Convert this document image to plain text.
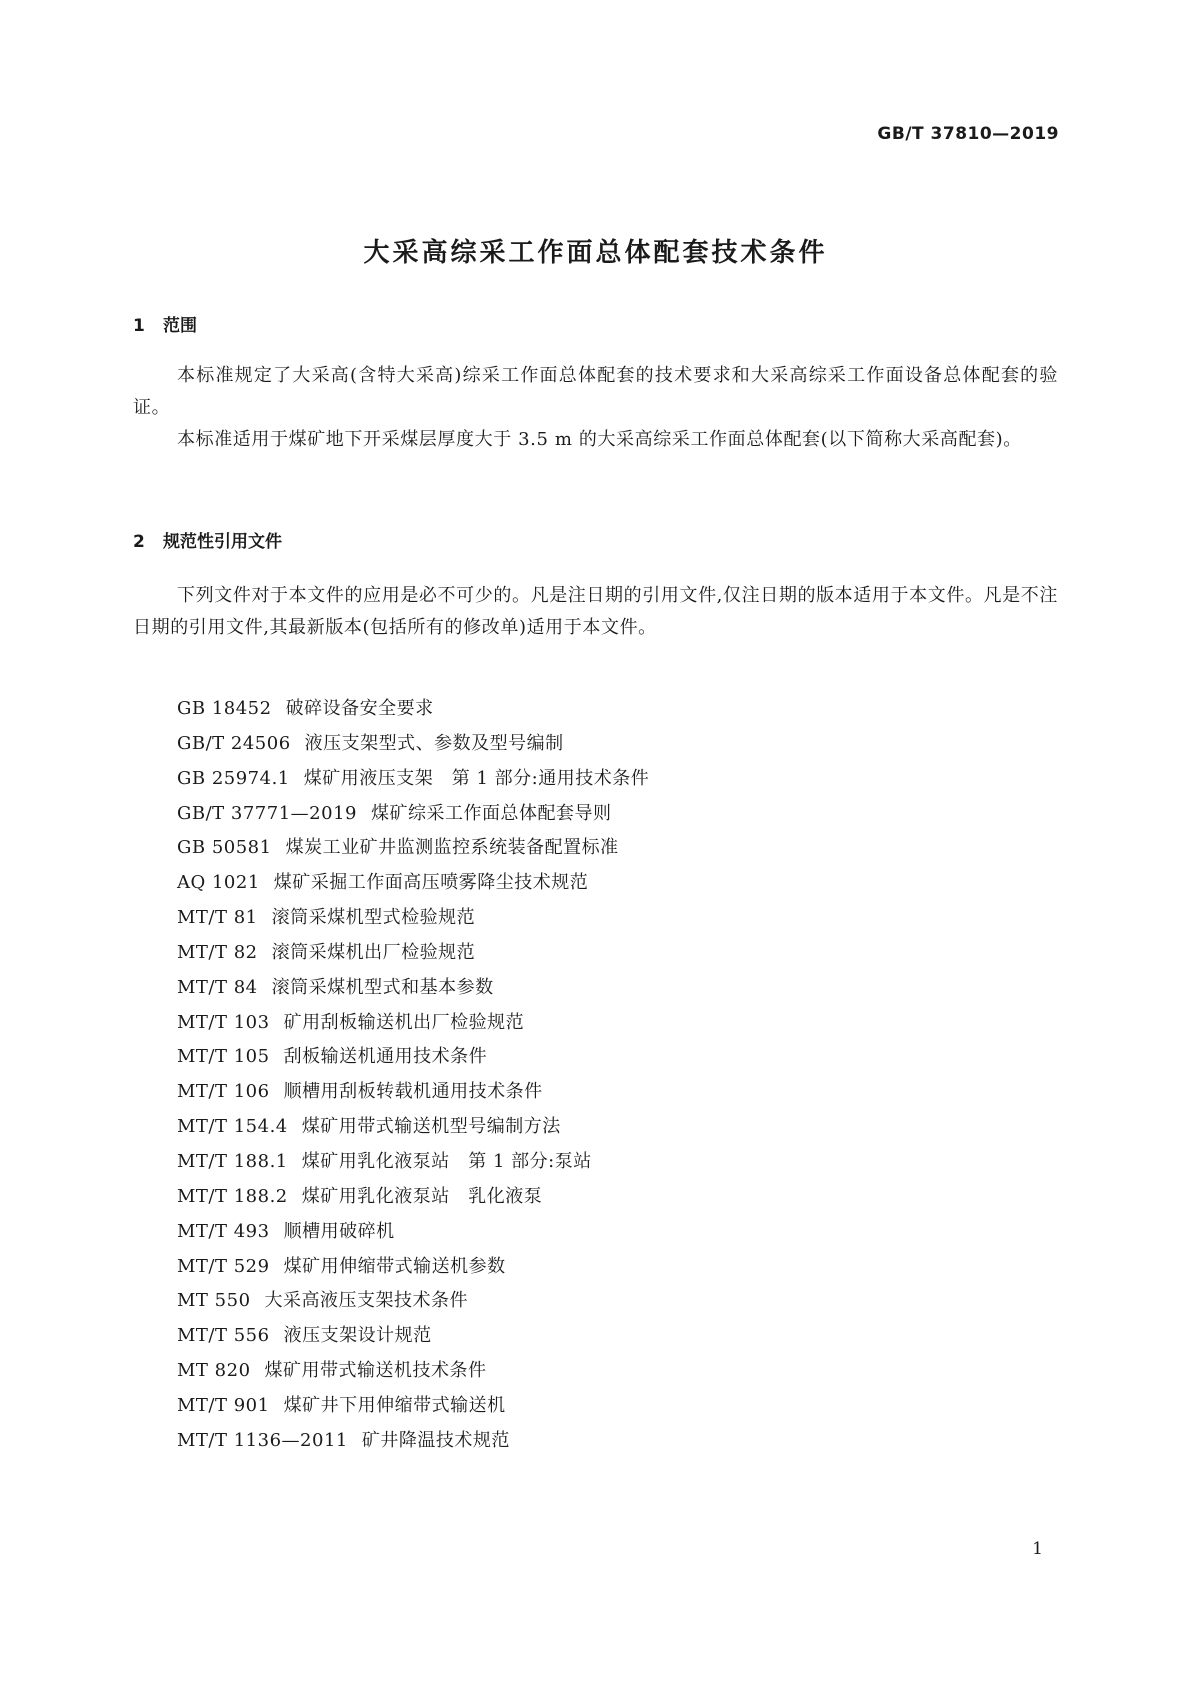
GB/T 37810—2019
大采高综采工作面总体配套技术条件
1 范围
本标准规定了大采高(含特大采高)综采工作面总体配套的技术要求和大采高综采工作面设备总体配套的验证。
本标准适用于煤矿地下开采煤层厚度大于 3.5 m 的大采高综采工作面总体配套(以下简称大采高配套)。
2 规范性引用文件
下列文件对于本文件的应用是必不可少的。凡是注日期的引用文件,仅注日期的版本适用于本文件。凡是不注日期的引用文件,其最新版本(包括所有的修改单)适用于本文件。
GB 18452 破碎设备安全要求
GB/T 24506 液压支架型式、参数及型号编制
GB 25974.1 煤矿用液压支架　第 1 部分:通用技术条件
GB/T 37771—2019 煤矿综采工作面总体配套导则
GB 50581 煤炭工业矿井监测监控系统装备配置标准
AQ 1021 煤矿采掘工作面高压喷雾降尘技术规范
MT/T 81 滚筒采煤机型式检验规范
MT/T 82 滚筒采煤机出厂检验规范
MT/T 84 滚筒采煤机型式和基本参数
MT/T 103 矿用刮板输送机出厂检验规范
MT/T 105 刮板输送机通用技术条件
MT/T 106 顺槽用刮板转载机通用技术条件
MT/T 154.4 煤矿用带式输送机型号编制方法
MT/T 188.1 煤矿用乳化液泵站　第 1 部分:泵站
MT/T 188.2 煤矿用乳化液泵站　乳化液泵
MT/T 493 顺槽用破碎机
MT/T 529 煤矿用伸缩带式输送机参数
MT 550 大采高液压支架技术条件
MT/T 556 液压支架设计规范
MT 820 煤矿用带式输送机技术条件
MT/T 901 煤矿井下用伸缩带式输送机
MT/T 1136—2011 矿井降温技术规范
1
